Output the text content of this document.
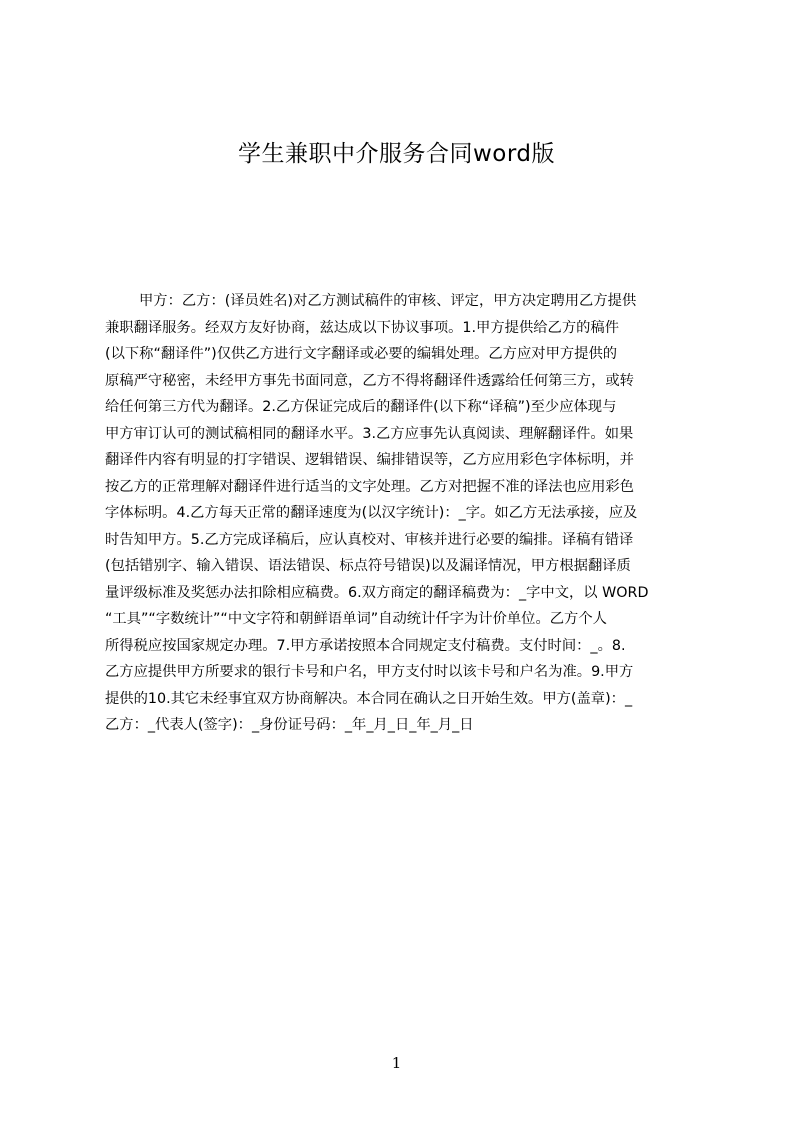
学生兼职中介服务合同word版
甲方：乙方：(译员姓名)对乙方测试稿件的审核、评定，甲方决定聘用乙方提供
兼职翻译服务。经双方友好协商，兹达成以下协议事项。1.甲方提供给乙方的稿件
(以下称“翻译件”)仅供乙方进行文字翻译或必要的编辑处理。乙方应对甲方提供的
原稿严守秘密，未经甲方事先书面同意，乙方不得将翻译件透露给任何第三方，或转
给任何第三方代为翻译。2.乙方保证完成后的翻译件(以下称“译稿”)至少应体现与
甲方审订认可的测试稿相同的翻译水平。3.乙方应事先认真阅读、理解翻译件。如果
翻译件内容有明显的打字错误、逻辑错误、编排错误等，乙方应用彩色字体标明，并
按乙方的正常理解对翻译件进行适当的文字处理。乙方对把握不准的译法也应用彩色
字体标明。4.乙方每天正常的翻译速度为(以汉字统计)：_字。如乙方无法承接，应及
时告知甲方。5.乙方完成译稿后，应认真校对、审核并进行必要的编排。译稿有错译
(包括错别字、输入错误、语法错误、标点符号错误)以及漏译情况，甲方根据翻译质
量评级标准及奖惩办法扣除相应稿费。6.双方商定的翻译稿费为：_字中文，以 WORD
“工具”“字数统计”“中文字符和朝鲜语单词”自动统计仟字为计价单位。乙方个人
所得税应按国家规定办理。7.甲方承诺按照本合同规定支付稿费。支付时间：_。8.
乙方应提供甲方所要求的银行卡号和户名，甲方支付时以该卡号和户名为准。9.甲方
提供的10.其它未经事宜双方协商解决。本合同在确认之日开始生效。甲方(盖章)：_
乙方：_代表人(签字)：_身份证号码：_年_月_日_年_月_日
1
